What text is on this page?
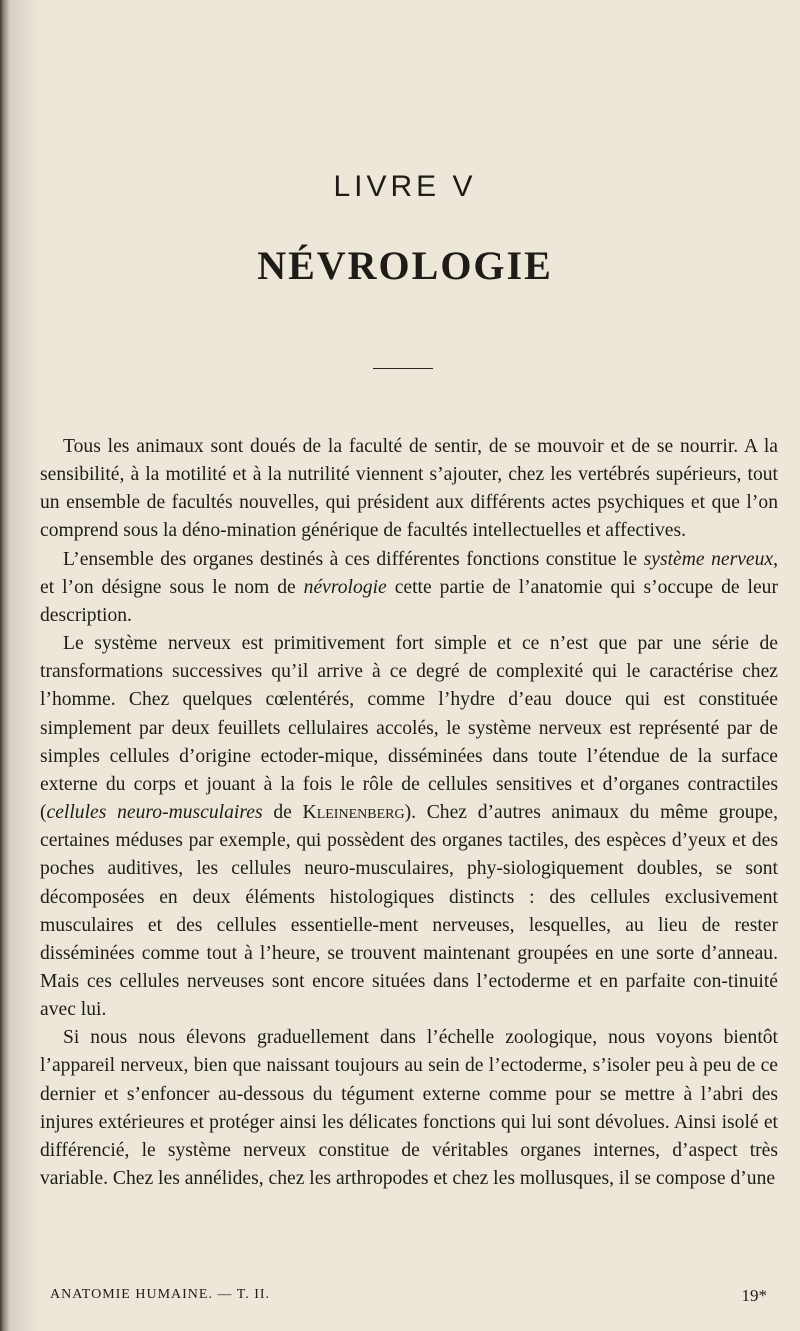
LIVRE V
NÉVROLOGIE

Tous les animaux sont doués de la faculté de sentir, de se mouvoir et de se nourrir. A la sensibilité, à la motilité et à la nutrilité viennent s’ajouter, chez les vertébrés supérieurs, tout un ensemble de facultés nouvelles, qui président aux différents actes psychiques et que l’on comprend sous la déno-mination générique de facultés intellectuelles et affectives.

L’ensemble des organes destinés à ces différentes fonctions constitue le système nerveux, et l’on désigne sous le nom de névrologie cette partie de l’anatomie qui s’occupe de leur description.

Le système nerveux est primitivement fort simple et ce n’est que par une série de transformations successives qu’il arrive à ce degré de complexité qui le caractérise chez l’homme. Chez quelques cœlentérés, comme l’hydre d’eau douce qui est constituée simplement par deux feuillets cellulaires accolés, le système nerveux est représenté par de simples cellules d’origine ectoder-mique, disséminées dans toute l’étendue de la surface externe du corps et jouant à la fois le rôle de cellules sensitives et d’organes contractiles (cellules neuro-musculaires de Kleinenberg). Chez d’autres animaux du même groupe, certaines méduses par exemple, qui possèdent des organes tactiles, des espèces d’yeux et des poches auditives, les cellules neuro-musculaires, phy-siologiquement doubles, se sont décomposées en deux éléments histologiques distincts : des cellules exclusivement musculaires et des cellules essentielle-ment nerveuses, lesquelles, au lieu de rester disséminées comme tout à l’heure, se trouvent maintenant groupées en une sorte d’anneau. Mais ces cellules nerveuses sont encore situées dans l’ectoderme et en parfaite con-tinuité avec lui.

Si nous nous élevons graduellement dans l’échelle zoologique, nous voyons bientôt l’appareil nerveux, bien que naissant toujours au sein de l’ectoderme, s’isoler peu à peu de ce dernier et s’enfoncer au-dessous du tégument externe comme pour se mettre à l’abri des injures extérieures et protéger ainsi les délicates fonctions qui lui sont dévolues. Ainsi isolé et différencié, le système nerveux constitue de véritables organes internes, d’aspect très variable. Chez les annélides, chez les arthropodes et chez les mollusques, il se compose d’une

ANATOMIE HUMAINE. — T. II.	19*
